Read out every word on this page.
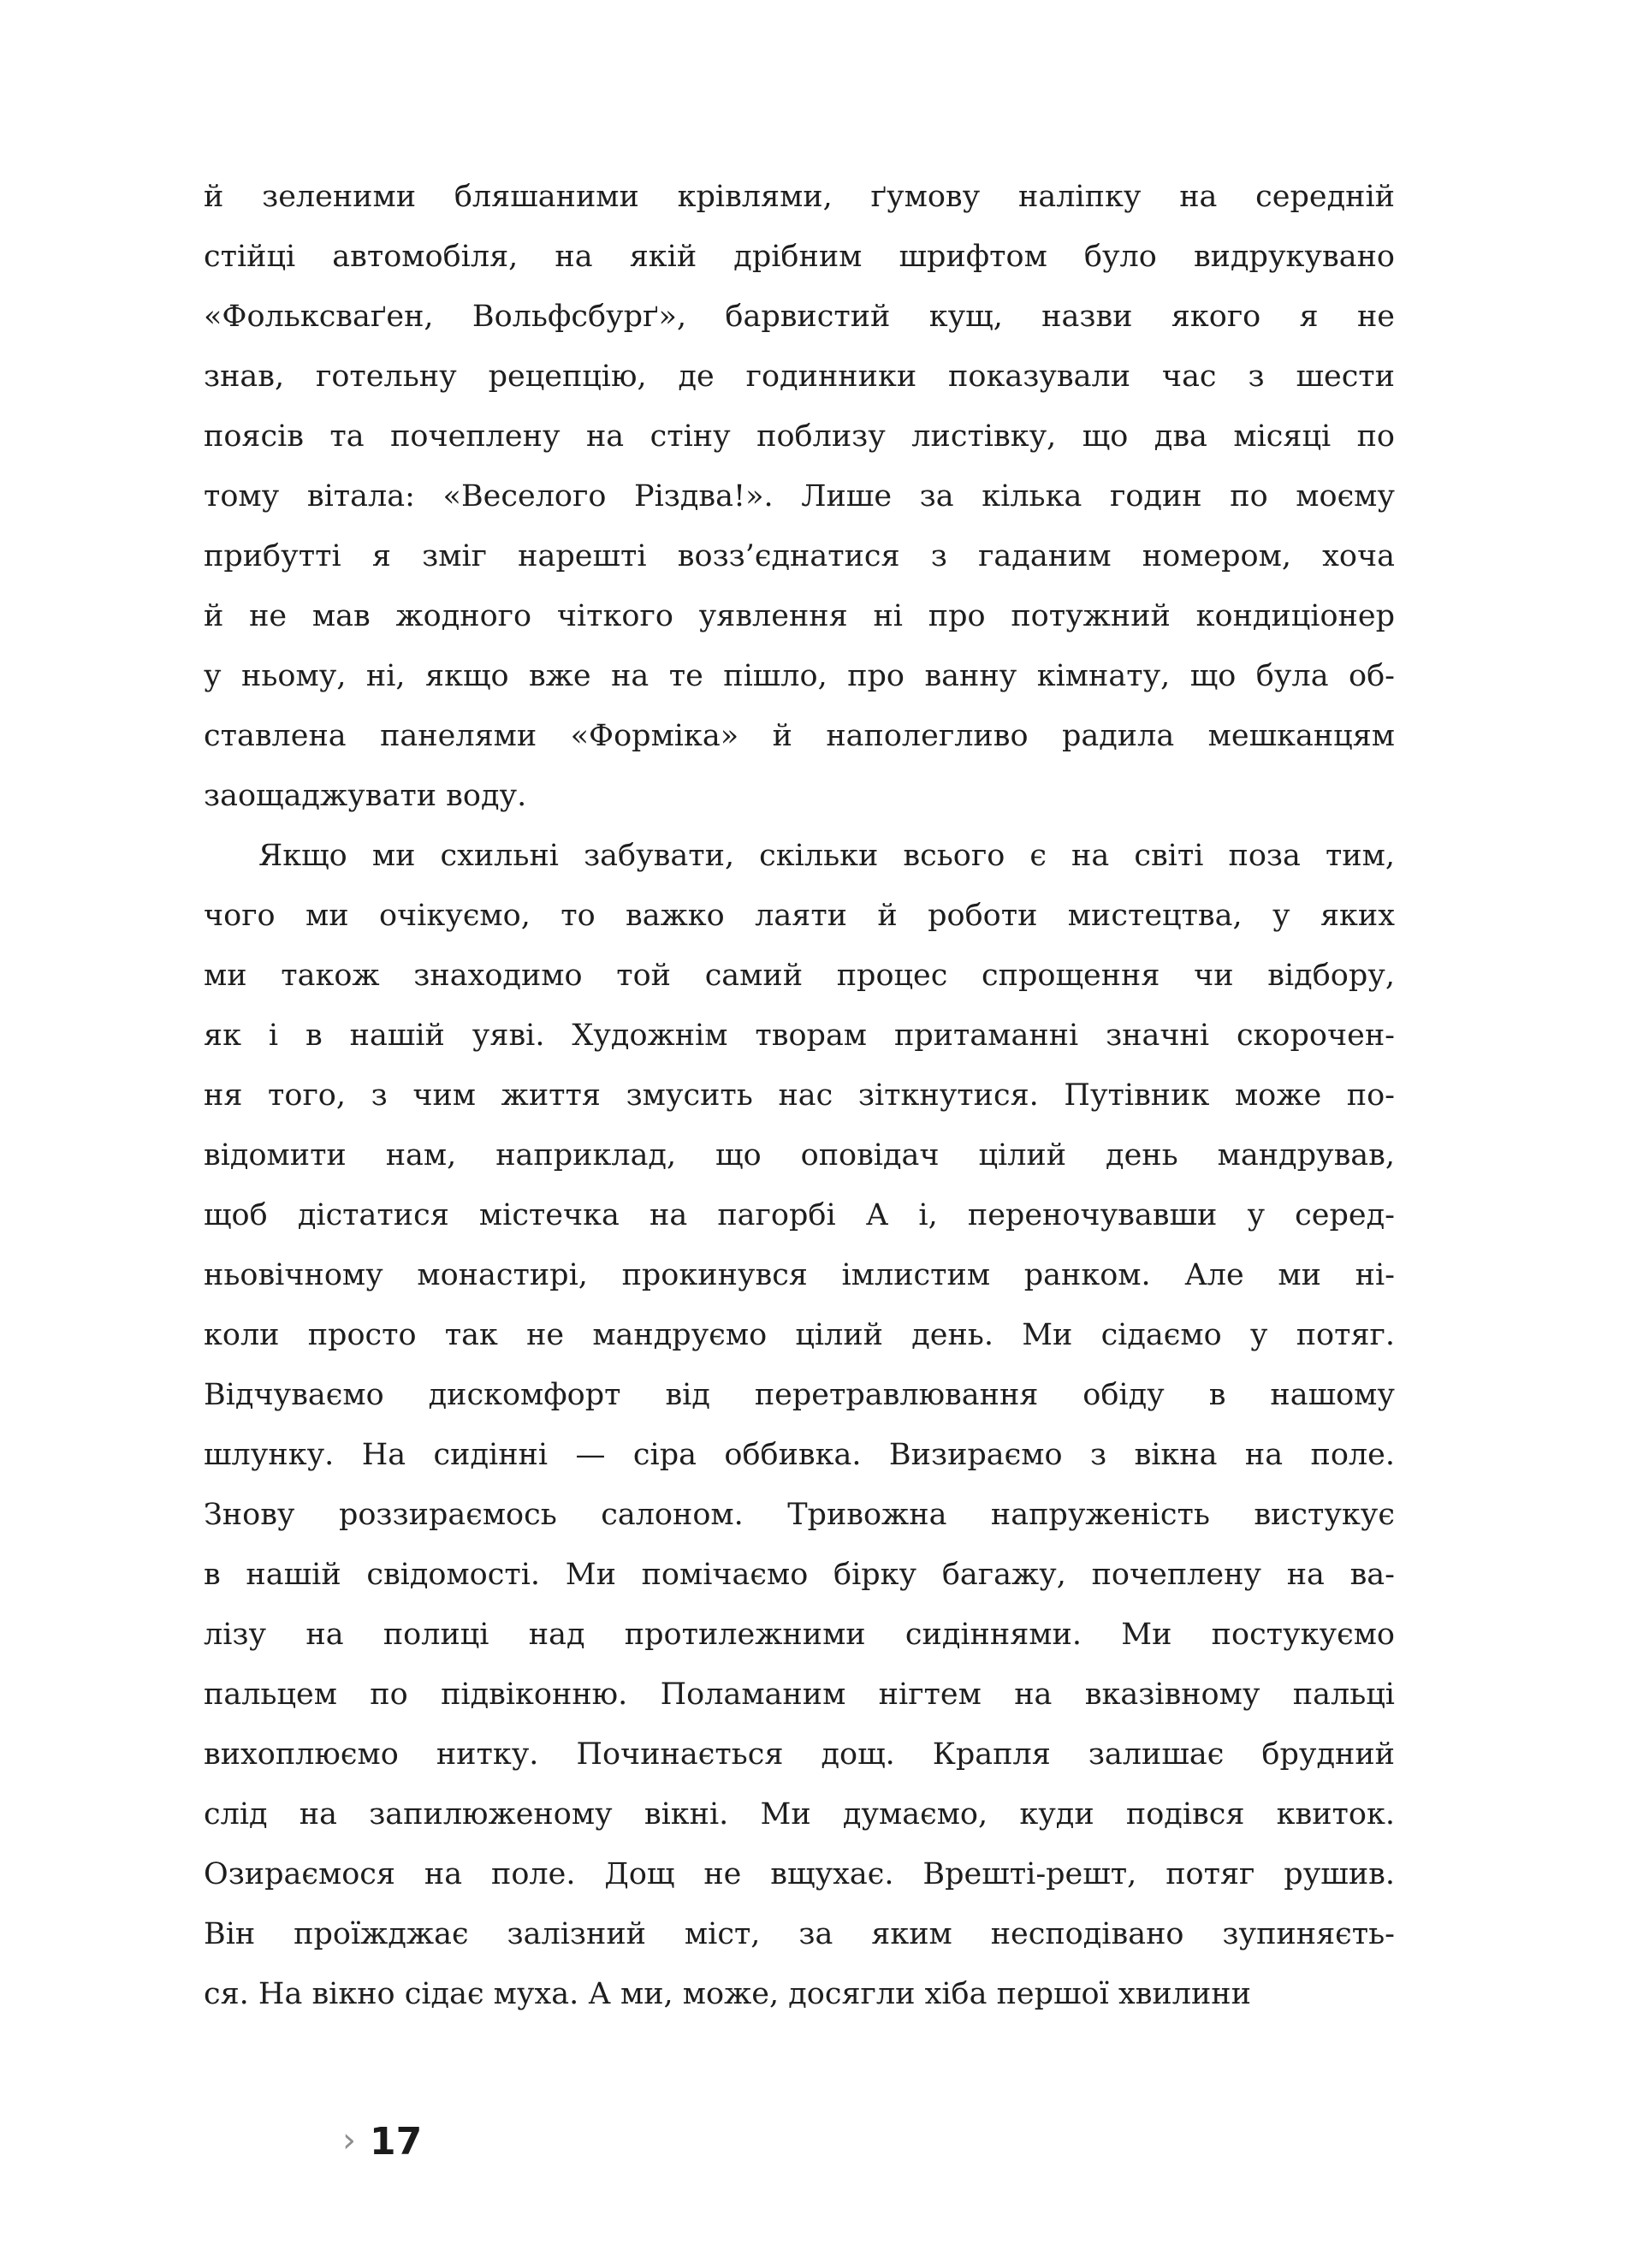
й зеленими бляшаними крівлями, ґумову наліпку на середній
стійці автомобіля, на якій дрібним шрифтом було видрукувано
«Фольксваґен, Вольфсбурґ», барвистий кущ, назви якого я не
знав, готельну рецепцію, де годинники показували час з шести
поясів та почеплену на стіну поблизу листівку, що два місяці по
тому вітала: «Веселого Різдва!». Лише за кілька годин по моєму
прибутті я зміг нарешті возз’єднатися з гаданим номером, хоча
й не мав жодного чіткого уявлення ні про потужний кондиціонер
у ньому, ні, якщо вже на те пішло, про ванну кімнату, що була об-
ставлена панелями «Форміка» й наполегливо радила мешканцям
заощаджувати воду.
Якщо ми схильні забувати, скільки всього є на світі поза тим,
чого ми очікуємо, то важко лаяти й роботи мистецтва, у яких
ми також знаходимо той самий процес спрощення чи відбору,
як і в нашій уяві. Художнім творам притаманні значні скорочен-
ня того, з чим життя змусить нас зіткнутися. Путівник може по-
відомити нам, наприклад, що оповідач цілий день мандрував,
щоб дістатися містечка на пагорбі А і, переночувавши у серед-
ньовічному монастирі, прокинувся імлистим ранком. Але ми ні-
коли просто так не мандруємо цілий день. Ми сідаємо у потяг.
Відчуваємо дискомфорт від перетравлювання обіду в нашому
шлунку. На сидінні — сіра оббивка. Визираємо з вікна на поле.
Знову роззираємось салоном. Тривожна напруженість вистукує
в нашій свідомості. Ми помічаємо бірку багажу, почеплену на ва-
лізу на полиці над протилежними сидіннями. Ми постукуємо
пальцем по підвіконню. Поламаним нігтем на вказівному пальці
вихоплюємо нитку. Починається дощ. Крапля залишає брудний
слід на запилюженому вікні. Ми думаємо, куди подівся квиток.
Озираємося на поле. Дощ не вщухає. Врешті-решт, потяг рушив.
Він проїжджає залізний міст, за яким несподівано зупиняєть-
ся. На вікно сідає муха. А ми, може, досягли хіба першої хвилини
› 17
